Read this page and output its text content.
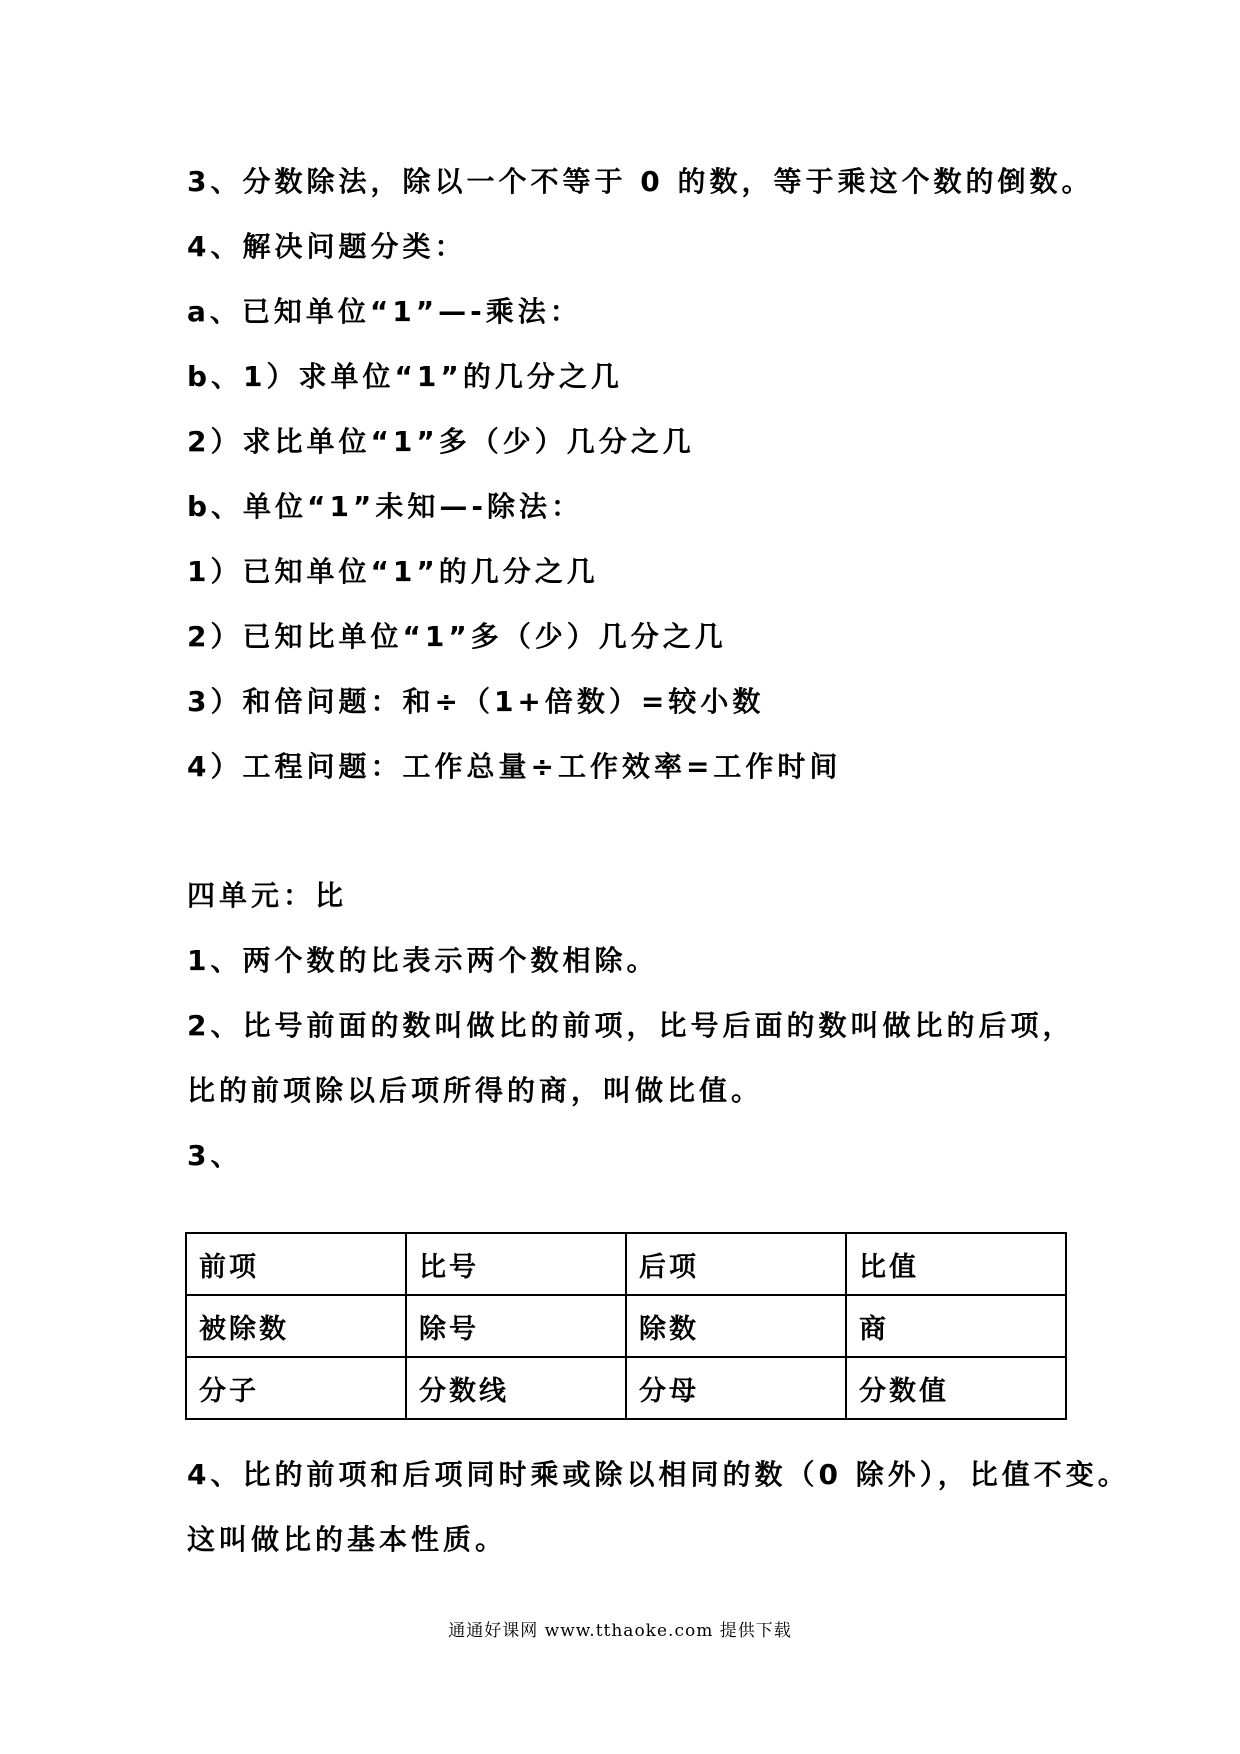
3、分数除法，除以一个不等于 0 的数，等于乘这个数的倒数。
4、解决问题分类：
a、已知单位“1”—-乘法：
b、1）求单位“1”的几分之几
2）求比单位“1”多（少）几分之几
b、单位“1”未知—-除法：
1）已知单位“1”的几分之几
2）已知比单位“1”多（少）几分之几
3）和倍问题：和÷（1+倍数）=较小数
4）工程问题：工作总量÷工作效率=工作时间
四单元：比
1、两个数的比表示两个数相除。
2、比号前面的数叫做比的前项，比号后面的数叫做比的后项，
比的前项除以后项所得的商，叫做比值。
3、
前项	比号	后项	比值
被除数	除号	除数	商
分子	分数线	分母	分数值
4、比的前项和后项同时乘或除以相同的数（0 除外），比值不变。
这叫做比的基本性质。
通通好课网 www.tthaoke.com 提供下载
